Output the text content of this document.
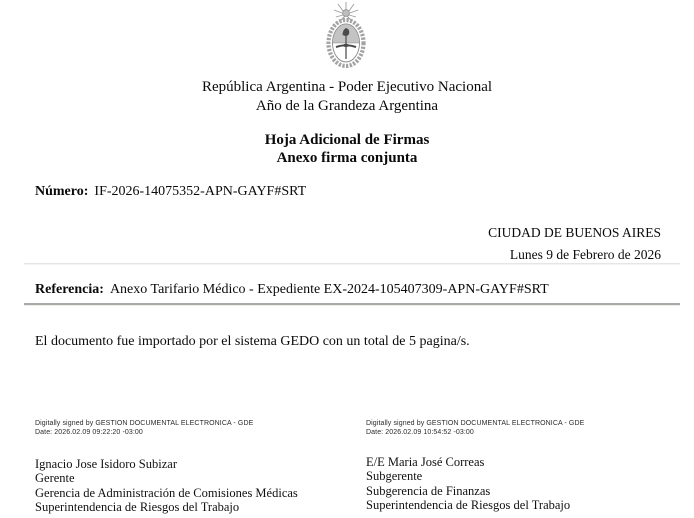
República Argentina - Poder Ejecutivo Nacional
Año de la Grandeza Argentina
Hoja Adicional de Firmas
Anexo firma conjunta
Número: IF-2026-14075352-APN-GAYF#SRT
CIUDAD DE BUENOS AIRES
Lunes 9 de Febrero de 2026
Referencia: Anexo Tarifario Médico - Expediente EX-2024-105407309-APN-GAYF#SRT
El documento fue importado por el sistema GEDO con un total de 5 pagina/s.
Digitally signed by GESTION DOCUMENTAL ELECTRONICA - GDE
Date: 2026.02.09 09:22:20 -03:00
Ignacio Jose Isidoro Subizar
Gerente
Gerencia de Administración de Comisiones Médicas
Superintendencia de Riesgos del Trabajo
Digitally signed by GESTION DOCUMENTAL ELECTRONICA - GDE
Date: 2026.02.09 10:54:52 -03:00
E/E Maria José Correas
Subgerente
Subgerencia de Finanzas
Superintendencia de Riesgos del Trabajo
